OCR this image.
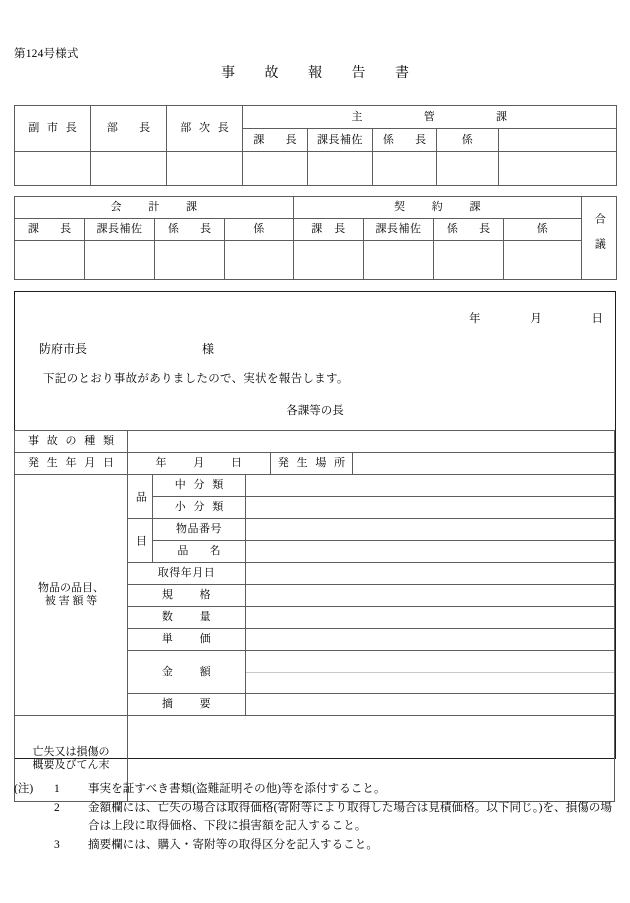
第124号様式
事 故 報 告 書
副 市 長	部　 長	部 次 長	主　　　　　 管　　　　　 課				
			課　 長	課長補佐	係　 長	係	

会　　 計　　 課				契　　 約　　 課				合議
課　 長	課長補佐	係　 長	係	課　長	課長補佐	係　 長	係	

年	月	日
防府市長	様
下記のとおり事故がありましたので、実状を報告します。
各課等の長
事 故 の 種 類					
発 生 年 月 日	年　　 月　　 日			発 生 場 所	

物品の品目、
被 害 額 等	品	中 分 類			
		小 分 類			
	目	物品番号			
		品　 名			
	取得年月日				
	規　　 格				
	数　　 量				
	単　　 価				
	金　　 額				

	摘　　 要				

亡失又は損傷の
概要及びてん末					

(注)	1	事実を証すべき書類(盗難証明その他)等を添付すること。
2	金額欄には、亡失の場合は取得価格(寄附等により取得した場合は見積価格。以下同じ。)を、損傷の場合は上段に取得価格、下段に損害額を記入すること。
3	摘要欄には、購入・寄附等の取得区分を記入すること。
